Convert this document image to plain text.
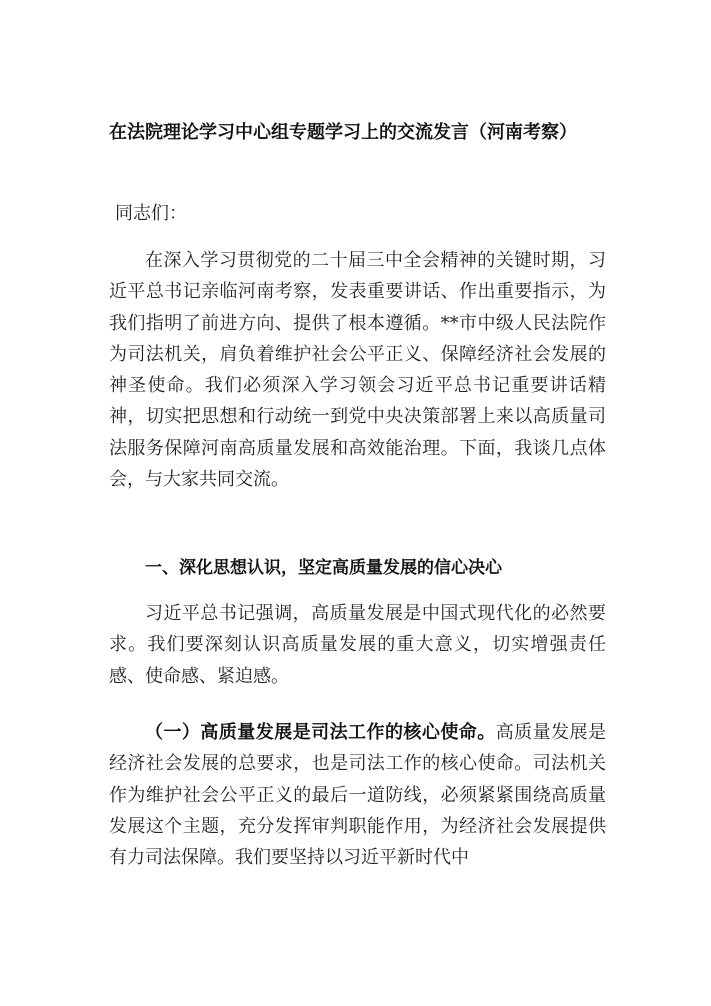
在法院理论学习中心组专题学习上的交流发言（河南考察）
同志们：

在深入学习贯彻党的二十届三中全会精神的关键时期，习近平总书记亲临河南考察，发表重要讲话、作出重要指示，为我们指明了前进方向、提供了根本遵循。**市中级人民法院作为司法机关，肩负着维护社会公平正义、保障经济社会发展的神圣使命。我们必须深入学习领会习近平总书记重要讲话精神，切实把思想和行动统一到党中央决策部署上来以高质量司法服务保障河南高质量发展和高效能治理。下面，我谈几点体会，与大家共同交流。

一、深化思想认识，坚定高质量发展的信心决心

习近平总书记强调，高质量发展是中国式现代化的必然要求。我们要深刻认识高质量发展的重大意义，切实增强责任感、使命感、紧迫感。

（一）高质量发展是司法工作的核心使命。高质量发展是经济社会发展的总要求，也是司法工作的核心使命。司法机关作为维护社会公平正义的最后一道防线，必须紧紧围绕高质量发展这个主题，充分发挥审判职能作用，为经济社会发展提供有力司法保障。我们要坚持以习近平新时代中
